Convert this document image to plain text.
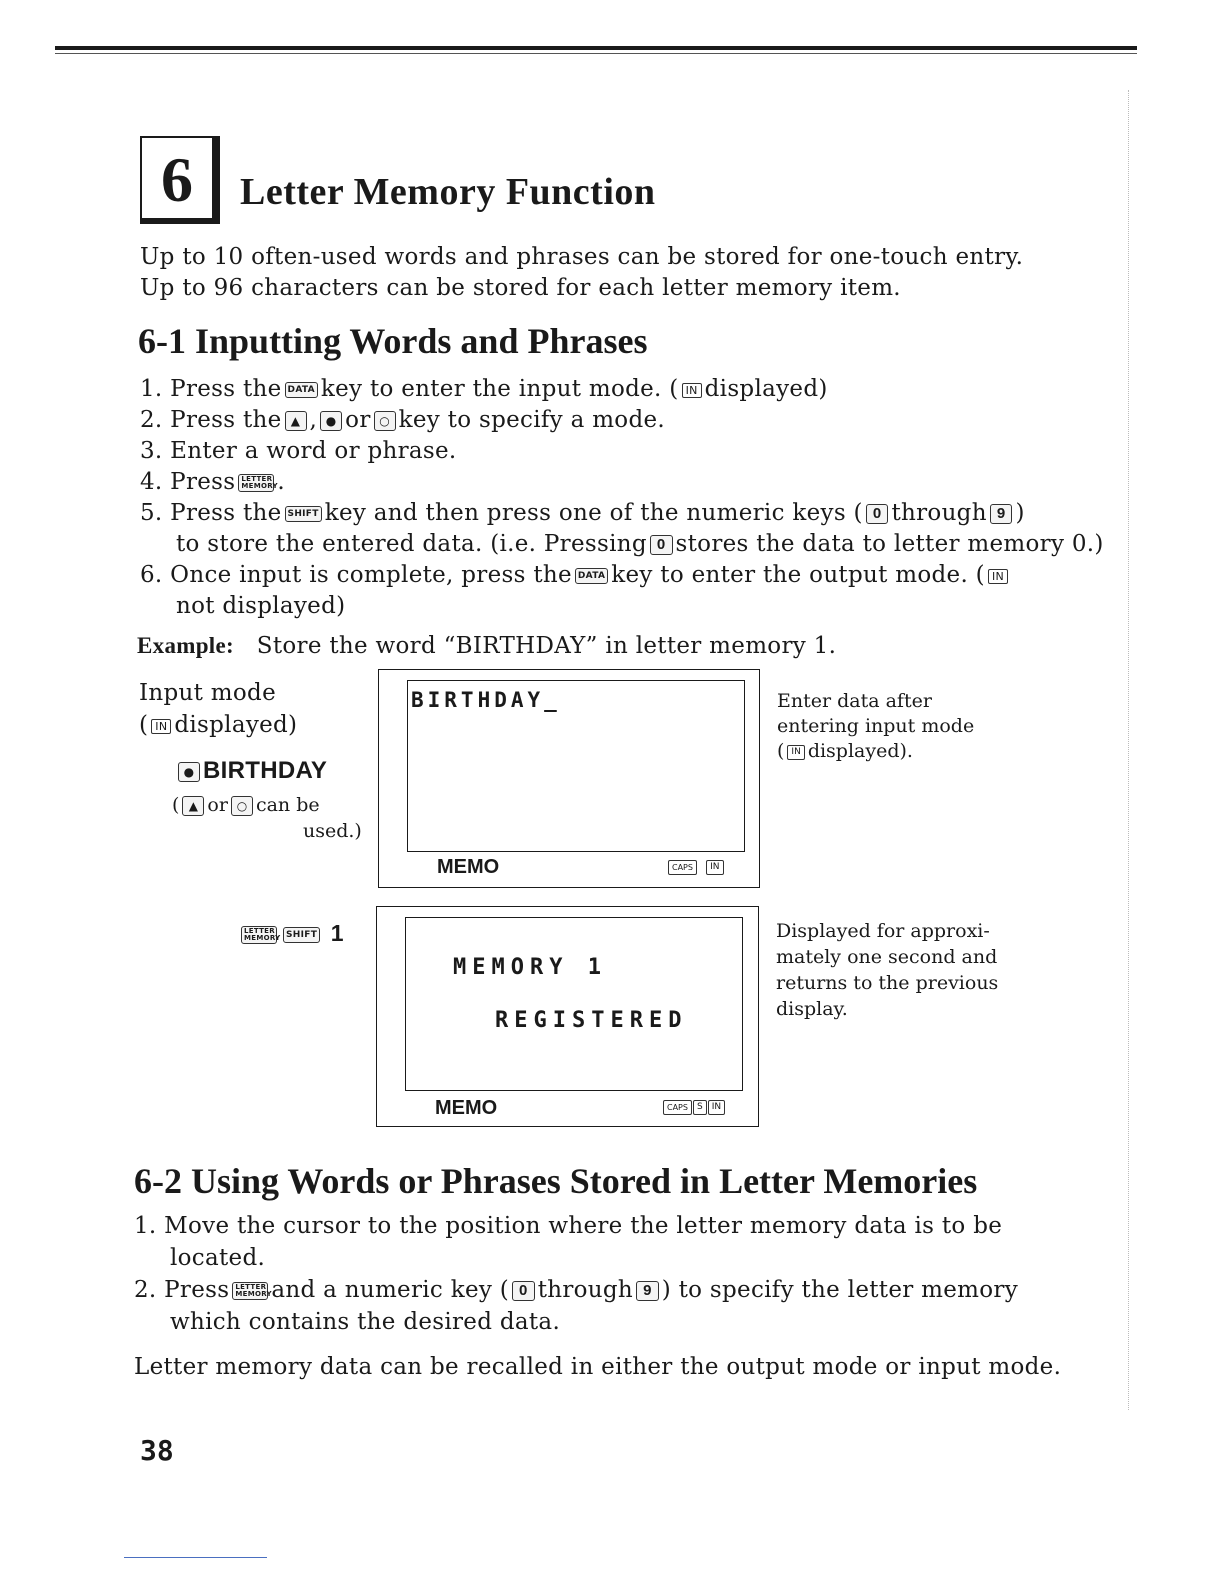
6	Letter Memory Function
Up to 10 often-used words and phrases can be stored for one-touch entry.
Up to 96 characters can be stored for each letter memory item.
6-1 Inputting Words and Phrases
1. Press the DATA key to enter the input mode. ( IN displayed)
2. Press the ▲ , ● or ○ key to specify a mode.
3. Enter a word or phrase.
4. Press LETTER MEMORY.
5. Press the SHIFT key and then press one of the numeric keys ( 0 through 9 )
to store the entered data. (i.e. Pressing 0 stores the data to letter memory 0.)
6. Once input is complete, press the DATA key to enter the output mode. ( IN
not displayed)
Example: Store the word “BIRTHDAY” in letter memory 1.
Input mode
( IN displayed)
● BIRTHDAY
( ▲ or ○ can be
used.)
BIRTHDAY_
MEMO	CAPS IN
Enter data after
entering input mode
( IN displayed).
LETTER MEMORY SHIFT 1
MEMORY 1
REGISTERED
MEMO	CAPS S IN
Displayed for approxi-
mately one second and
returns to the previous
display.
6-2 Using Words or Phrases Stored in Letter Memories
1. Move the cursor to the position where the letter memory data is to be
located.
2. Press LETTER MEMORYand a numeric key ( 0 through 9 ) to specify the letter memory
which contains the desired data.
Letter memory data can be recalled in either the output mode or input mode.
38
